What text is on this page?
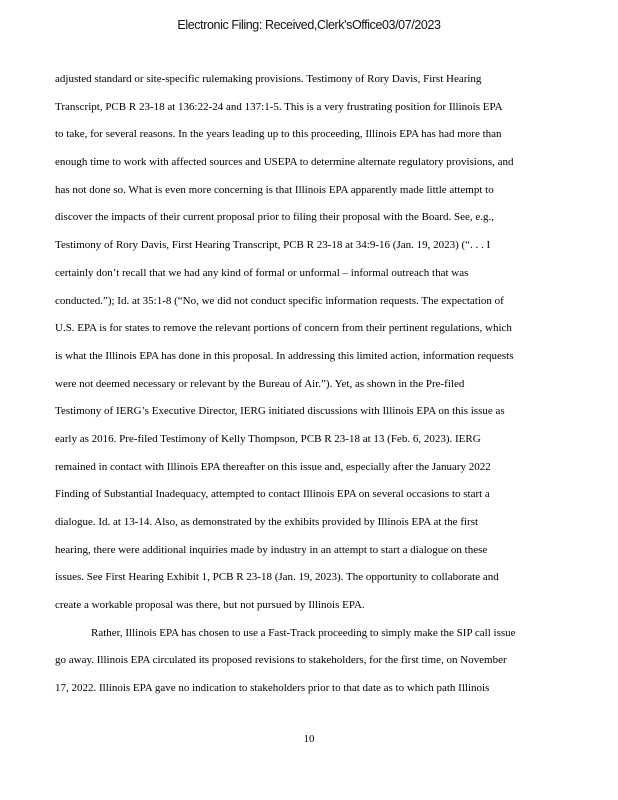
Electronic Filing: Received,Clerk'sOffice03/07/2023
adjusted standard or site-specific rulemaking provisions. Testimony of Rory Davis, First Hearing
Transcript, PCB R 23-18 at 136:22-24 and 137:1-5. This is a very frustrating position for Illinois EPA
to take, for several reasons. In the years leading up to this proceeding, Illinois EPA has had more than
enough time to work with affected sources and USEPA to determine alternate regulatory provisions, and
has not done so. What is even more concerning is that Illinois EPA apparently made little attempt to
discover the impacts of their current proposal prior to filing their proposal with the Board. See, e.g.,
Testimony of Rory Davis, First Hearing Transcript, PCB R 23-18 at 34:9-16 (Jan. 19, 2023) (“. . . I
certainly don’t recall that we had any kind of formal or unformal – informal outreach that was
conducted.”); Id. at 35:1-8 (“No, we did not conduct specific information requests. The expectation of
U.S. EPA is for states to remove the relevant portions of concern from their pertinent regulations, which
is what the Illinois EPA has done in this proposal. In addressing this limited action, information requests
were not deemed necessary or relevant by the Bureau of Air.”). Yet, as shown in the Pre-filed
Testimony of IERG’s Executive Director, IERG initiated discussions with Illinois EPA on this issue as
early as 2016. Pre-filed Testimony of Kelly Thompson, PCB R 23-18 at 13 (Feb. 6, 2023). IERG
remained in contact with Illinois EPA thereafter on this issue and, especially after the January 2022
Finding of Substantial Inadequacy, attempted to contact Illinois EPA on several occasions to start a
dialogue. Id. at 13-14. Also, as demonstrated by the exhibits provided by Illinois EPA at the first
hearing, there were additional inquiries made by industry in an attempt to start a dialogue on these
issues. See First Hearing Exhibit 1, PCB R 23-18 (Jan. 19, 2023). The opportunity to collaborate and
create a workable proposal was there, but not pursued by Illinois EPA.
Rather, Illinois EPA has chosen to use a Fast-Track proceeding to simply make the SIP call issue
go away. Illinois EPA circulated its proposed revisions to stakeholders, for the first time, on November
17, 2022. Illinois EPA gave no indication to stakeholders prior to that date as to which path Illinois
10
